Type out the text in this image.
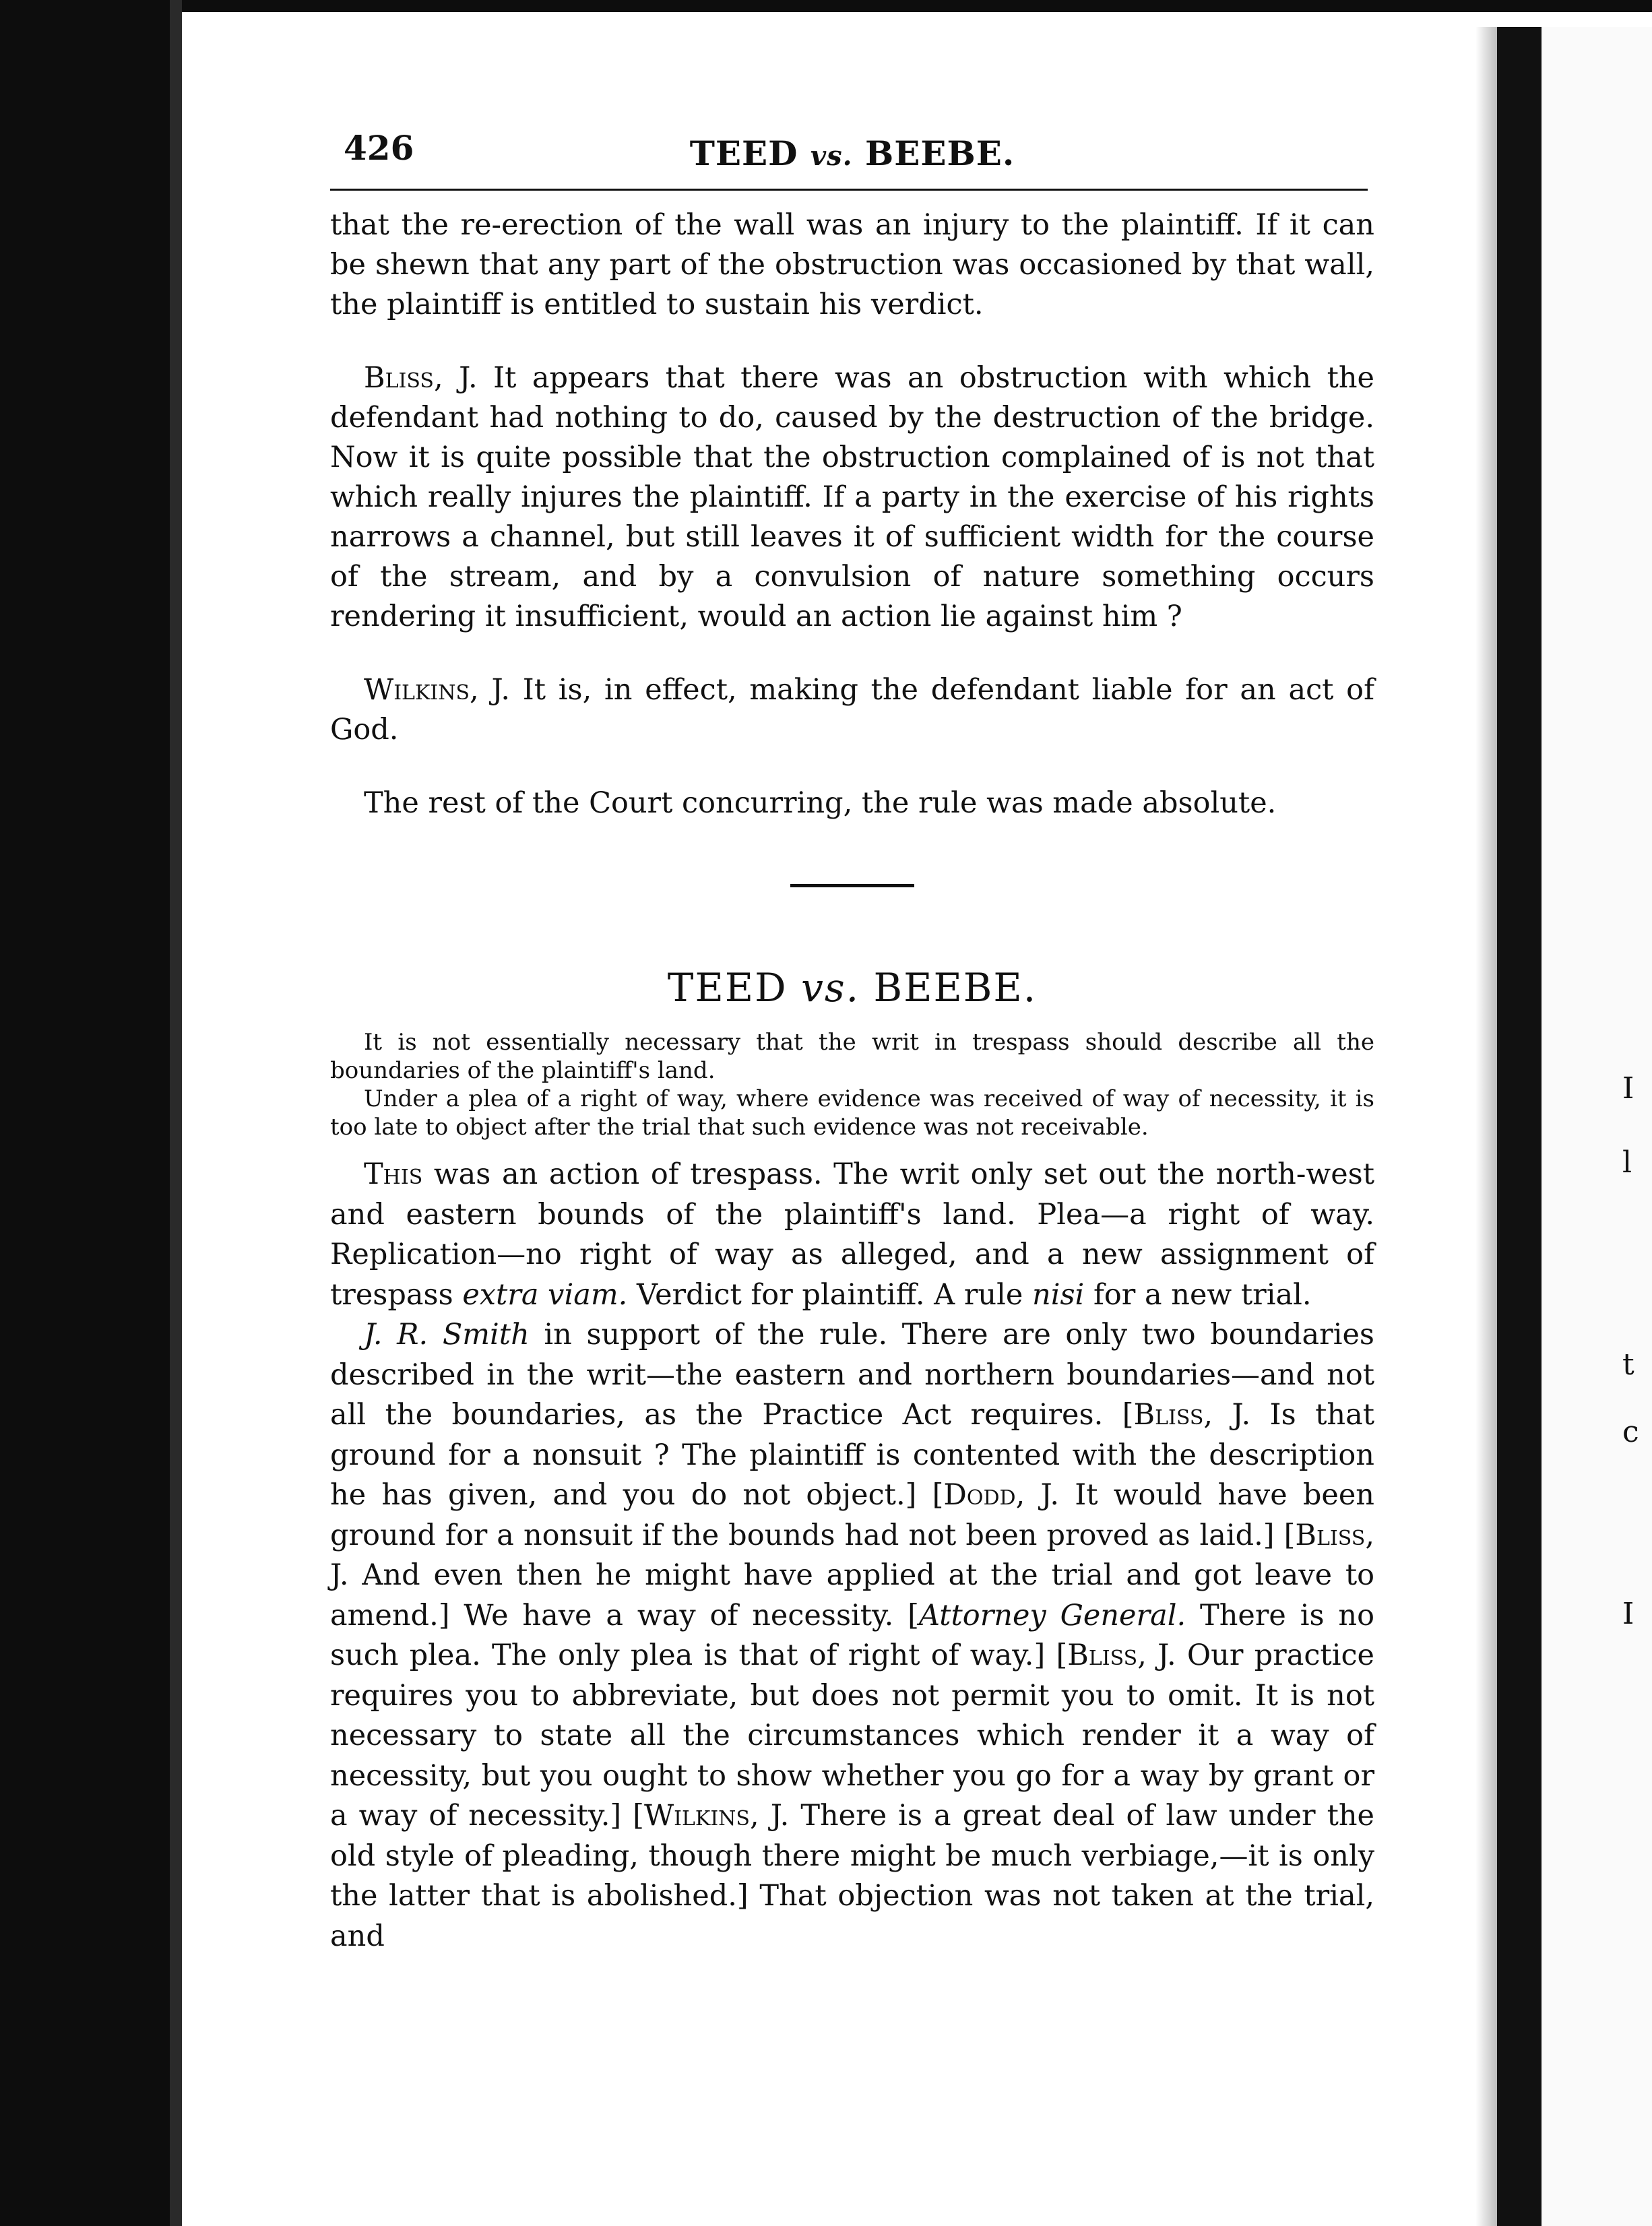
I
l
t
c
I
426	TEED vs. BEEBE.

that the re-erection of the wall was an injury to the plaintiff. If it can be shewn that any part of the obstruction was occasioned by that wall, the plaintiff is entitled to sustain his verdict.

Bliss, J. It appears that there was an obstruction with which the defendant had nothing to do, caused by the destruction of the bridge. Now it is quite possible that the obstruction complained of is not that which really injures the plaintiff. If a party in the exercise of his rights narrows a channel, but still leaves it of sufficient width for the course of the stream, and by a convulsion of nature something occurs rendering it insufficient, would an action lie against him ?

Wilkins, J. It is, in effect, making the defendant liable for an act of God.

The rest of the Court concurring, the rule was made absolute.

TEED vs. BEEBE.

It is not essentially necessary that the writ in trespass should describe all the boundaries of the plaintiff's land.

Under a plea of a right of way, where evidence was received of way of necessity, it is too late to object after the trial that such evidence was not receivable.

This was an action of trespass. The writ only set out the north-west and eastern bounds of the plaintiff's land. Plea—a right of way. Replication—no right of way as alleged, and a new assignment of trespass extra viam. Verdict for plaintiff. A rule nisi for a new trial.

J. R. Smith in support of the rule. There are only two boundaries described in the writ—the eastern and northern boundaries—and not all the boundaries, as the Practice Act requires. [Bliss, J. Is that ground for a nonsuit ? The plaintiff is contented with the description he has given, and you do not object.] [Dodd, J. It would have been ground for a nonsuit if the bounds had not been proved as laid.] [Bliss, J. And even then he might have applied at the trial and got leave to amend.] We have a way of necessity. [Attorney General. There is no such plea. The only plea is that of right of way.] [Bliss, J. Our practice requires you to abbreviate, but does not permit you to omit. It is not necessary to state all the circumstances which render it a way of necessity, but you ought to show whether you go for a way by grant or a way of necessity.] [Wilkins, J. There is a great deal of law under the old style of pleading, though there might be much verbiage,—it is only the latter that is abolished.] That objection was not taken at the trial, and
